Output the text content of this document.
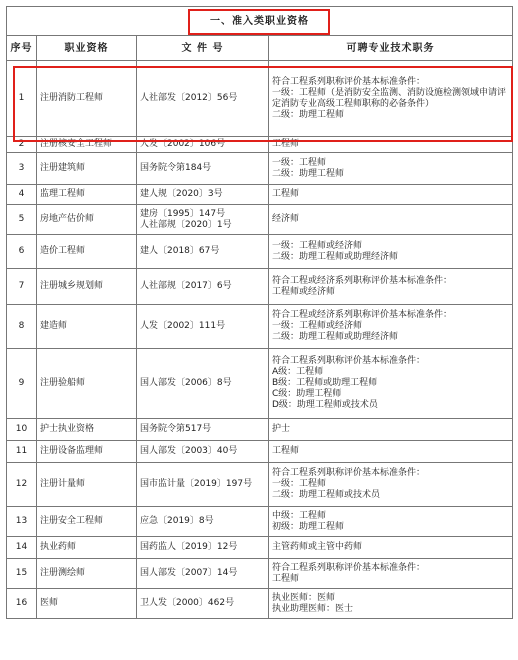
一、准入类职业资格			
序号	职业资格	文 件 号	可聘专业技术职务
1	注册消防工程师	人社部发〔2012〕56号	符合工程系列职称评价基本标准条件：
一级：工程师（是消防安全监测、消防设施检测领域申请评定消防专业高级工程师职称的必备条件）
二级：助理工程师
2	注册核安全工程师	人发〔2002〕106号	工程师
3	注册建筑师	国务院令第184号	一级：工程师
二级：助理工程师
4	监理工程师	建人规〔2020〕3号	工程师
5	房地产估价师	建房〔1995〕147号
人社部规〔2020〕1号	经济师
6	造价工程师	建人〔2018〕67号	一级：工程师或经济师
二级：助理工程师或助理经济师
7	注册城乡规划师	人社部规〔2017〕6号	符合工程或经济系列职称评价基本标准条件：
工程师或经济师
8	建造师	人发〔2002〕111号	符合工程或经济系列职称评价基本标准条件：
一级：工程师或经济师
二级：助理工程师或助理经济师
9	注册验船师	国人部发〔2006〕8号	符合工程系列职称评价基本标准条件：
A级：工程师
B级：工程师或助理工程师
C级：助理工程师
D级：助理工程师或技术员
10	护士执业资格	国务院令第517号	护士
11	注册设备监理师	国人部发〔2003〕40号	工程师
12	注册计量师	国市监计量〔2019〕197号	符合工程系列职称评价基本标准条件：
一级：工程师
二级：助理工程师或技术员
13	注册安全工程师	应急〔2019〕8号	中级：工程师
初级：助理工程师
14	执业药师	国药监人〔2019〕12号	主管药师或主管中药师
15	注册测绘师	国人部发〔2007〕14号	符合工程系列职称评价基本标准条件：
工程师
16	医师	卫人发〔2000〕462号	执业医师：医师
执业助理医师：医士
